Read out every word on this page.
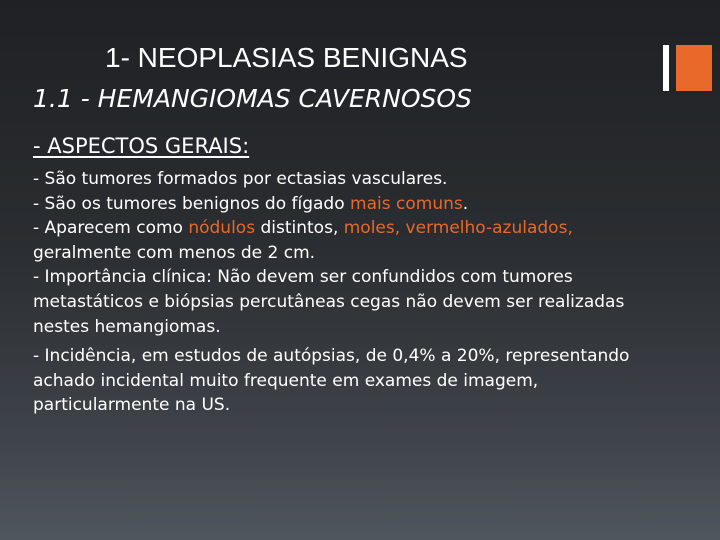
1- NEOPLASIAS BENIGNAS
1.1 - HEMANGIOMAS CAVERNOSOS
- ASPECTOS GERAIS:

- São tumores formados por ectasias vasculares.

- São os tumores benignos do fígado mais comuns.

- Aparecem como nódulos distintos, moles, vermelho-azulados, geralmente com menos de 2 cm.

- Importância clínica: Não devem ser confundidos com tumores metastáticos e biópsias percutâneas cegas não devem ser realizadas nestes hemangiomas.

- Incidência, em estudos de autópsias, de 0,4% a 20%, representando achado incidental muito frequente em exames de imagem, particularmente na US.
